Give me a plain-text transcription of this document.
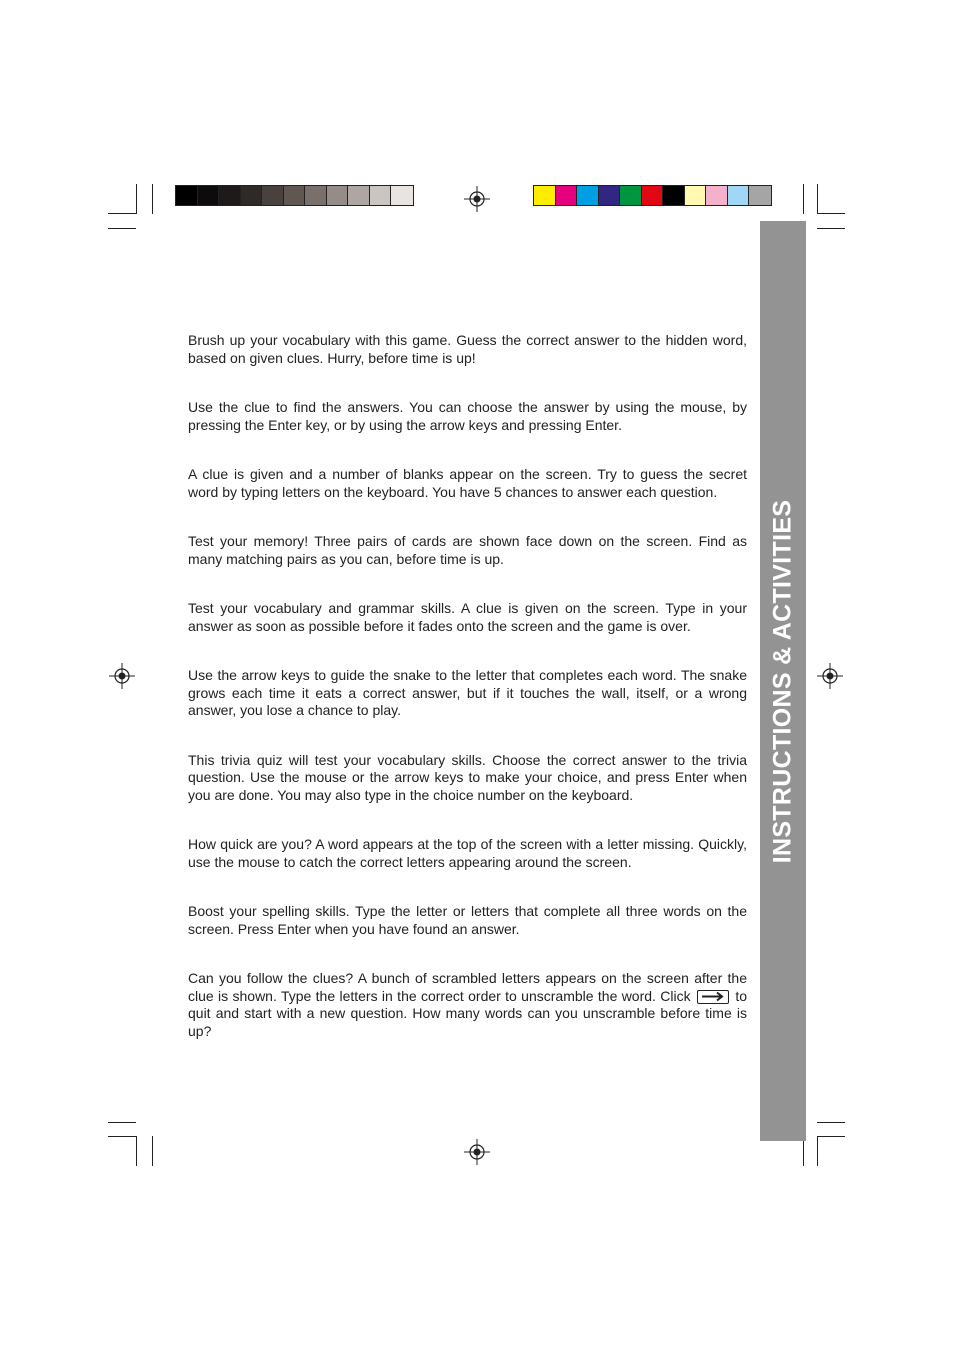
INSTRUCTIONS & ACTIVITIES

Brush up your vocabulary with this game. Guess the correct answer to the hidden word, based on given clues. Hurry, before time is up!

Use the clue to find the answers. You can choose the answer by using the mouse, by pressing the Enter key, or by using the arrow keys and pressing Enter.

A clue is given and a number of blanks appear on the screen. Try to guess the secret word by typing letters on the keyboard. You have 5 chances to answer each question.

Test your memory! Three pairs of cards are shown face down on the screen. Find as many matching pairs as you can, before time is up.

Test your vocabulary and grammar skills. A clue is given on the screen. Type in your answer as soon as possible before it fades onto the screen and the game is over.

Use the arrow keys to guide the snake to the letter that completes each word. The snake grows each time it eats a correct answer, but if it touches the wall, itself, or a wrong answer, you lose a chance to play.

This trivia quiz will test your vocabulary skills. Choose the correct answer to the trivia question. Use the mouse or the arrow keys to make your choice, and press Enter when you are done. You may also type in the choice number on the keyboard.

How quick are you? A word appears at the top of the screen with a letter missing. Quickly, use the mouse to catch the correct letters appearing around the screen.

Boost your spelling skills. Type the letter or letters that complete all three words on the screen. Press Enter when you have found an answer.

Can you follow the clues? A bunch of scrambled letters appears on the screen after the clue is shown. Type the letters in the correct order to unscramble the word. Click	to quit and start with a new question. How many words can you unscramble before time is up?
